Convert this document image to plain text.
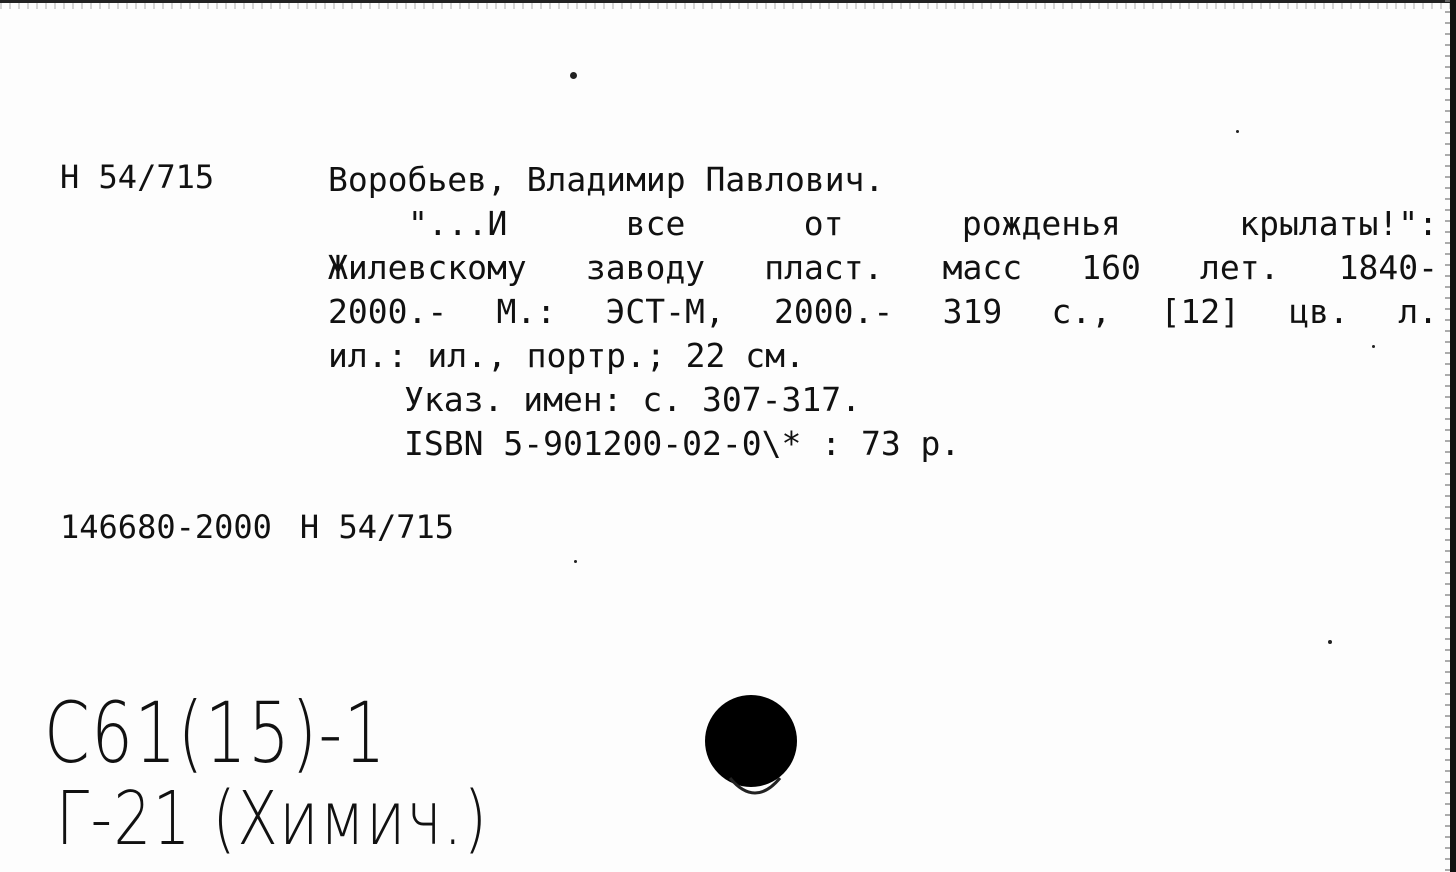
Н 54/715	Воробьев, Владимир Павлович.
"...И	все	от	рожденья	крылаты!":
Жилевскому заводу пласт. масс 160 лет. 1840-
2000.- М.: ЭСТ-М, 2000.- 319 с., [12] цв. л.
ил.: ил., портр.; 22 см.
Указ. имен: с. 307-317.
ISBN 5-901200-02-0\* : 73 р.
146680-2000 Н 54/715
С61(15)-1
Г-21 (Химич.)
